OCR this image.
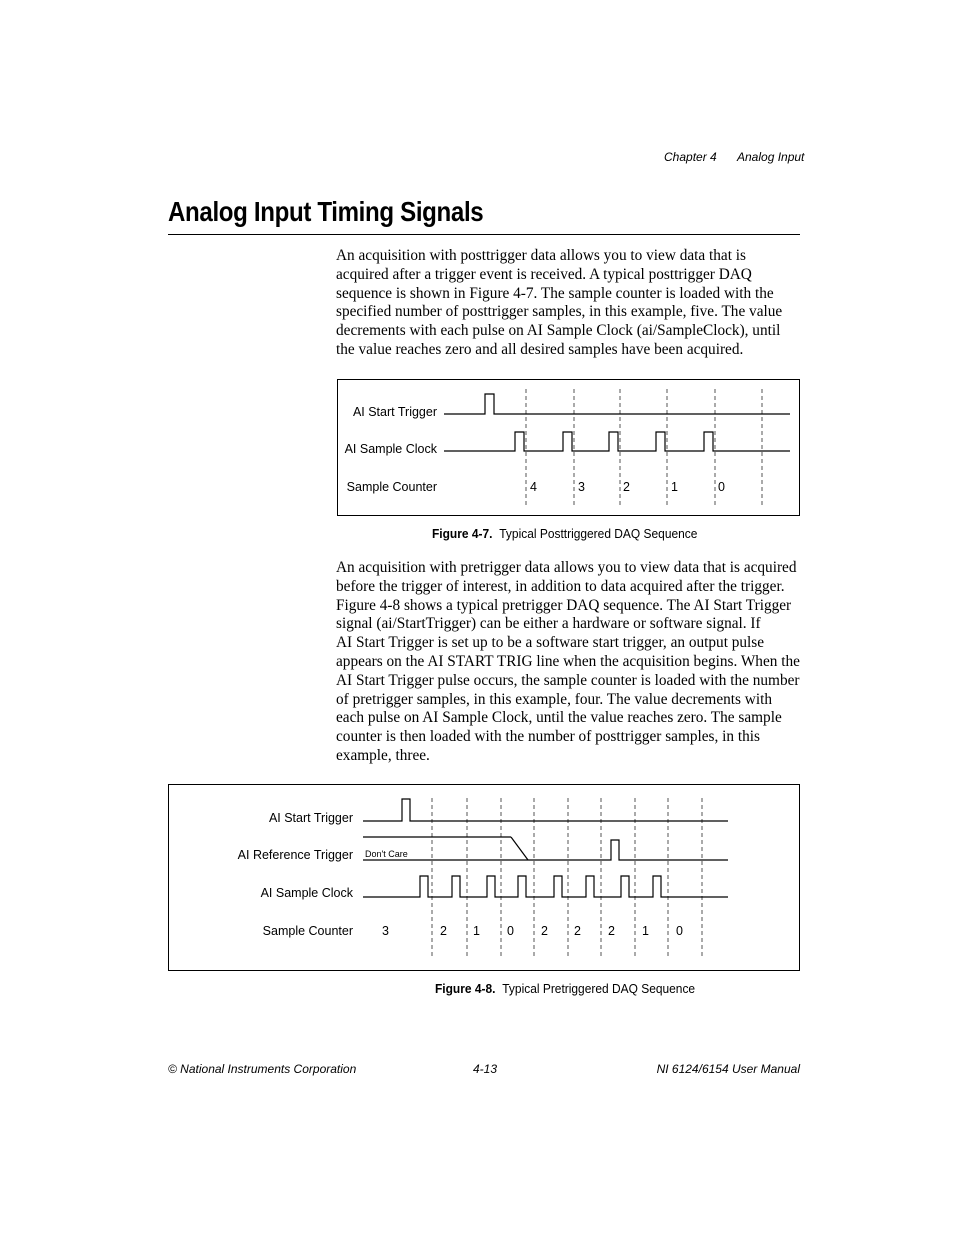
Chapter 4 Analog Input
Analog Input Timing Signals
An acquisition with posttrigger data allows you to view data that is
acquired after a trigger event is received. A typical posttrigger DAQ
sequence is shown in Figure 4-7. The sample counter is loaded with the
specified number of posttrigger samples, in this example, five. The value
decrements with each pulse on AI Sample Clock (ai/SampleClock), until
the value reaches zero and all desired samples have been acquired.
AI Start Trigger
AI Sample Clock
Sample Counter	4	3	2	1	0
Figure 4-7. Typical Posttriggered DAQ Sequence
An acquisition with pretrigger data allows you to view data that is acquired
before the trigger of interest, in addition to data acquired after the trigger.
Figure 4-8 shows a typical pretrigger DAQ sequence. The AI Start Trigger
signal (ai/StartTrigger) can be either a hardware or software signal. If
AI Start Trigger is set up to be a software start trigger, an output pulse
appears on the AI START TRIG line when the acquisition begins. When the
AI Start Trigger pulse occurs, the sample counter is loaded with the number
of pretrigger samples, in this example, four. The value decrements with
each pulse on AI Sample Clock, until the value reaches zero. The sample
counter is then loaded with the number of posttrigger samples, in this
example, three.
AI Start Trigger
AI Reference Trigger
AI Sample Clock
Sample Counter
Don't Care
3	2 1 0 2 2 2 1 0
Figure 4-8. Typical Pretriggered DAQ Sequence
© National Instruments Corporation	4-13	NI 6124/6154 User Manual
